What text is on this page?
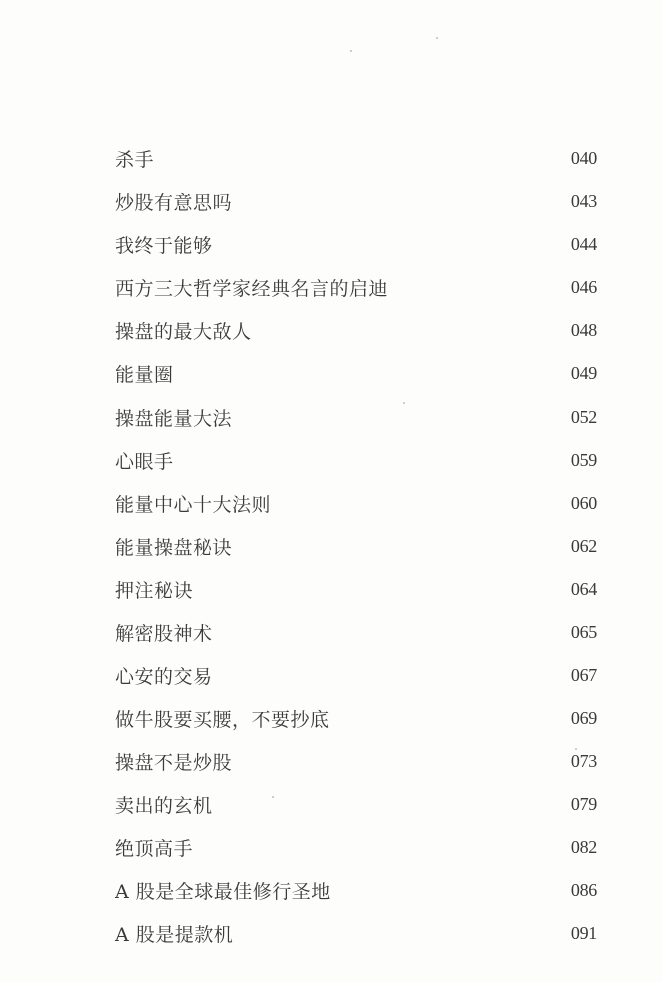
杀手	040
炒股有意思吗	043
我终于能够	044
西方三大哲学家经典名言的启迪	046
操盘的最大敌人	048
能量圈	049
操盘能量大法	052
心眼手	059
能量中心十大法则	060
能量操盘秘诀	062
押注秘诀	064
解密股神术	065
心安的交易	067
做牛股要买腰，不要抄底	069
操盘不是炒股	073
卖出的玄机	079
绝顶高手	082
A 股是全球最佳修行圣地	086
A 股是提款机	091
